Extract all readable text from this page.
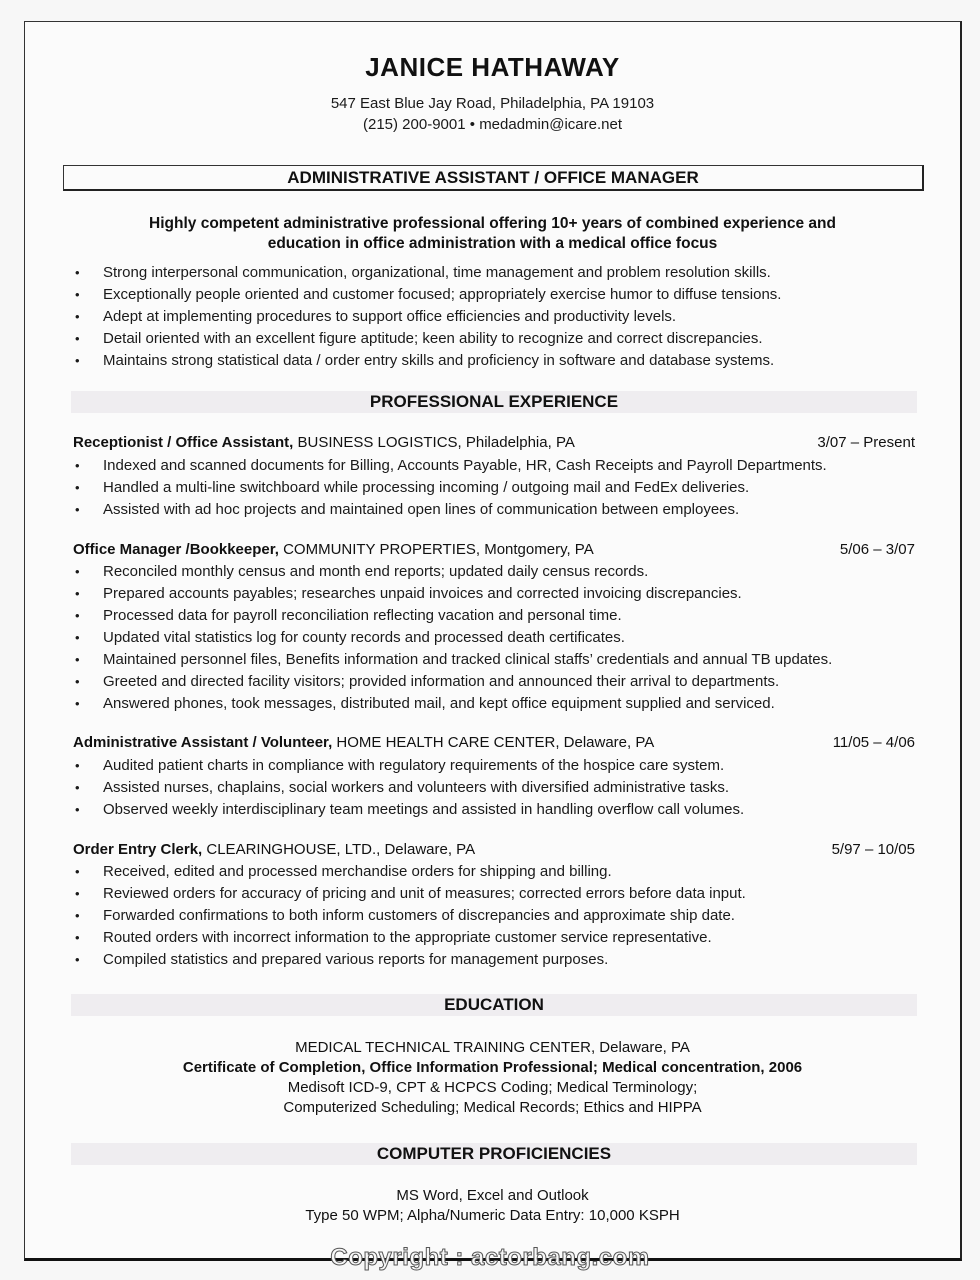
JANICE HATHAWAY
547 East Blue Jay Road, Philadelphia, PA 19103
(215) 200-9001 • medadmin@icare.net
ADMINISTRATIVE ASSISTANT / OFFICE MANAGER
Highly competent administrative professional offering 10+ years of combined experience and
education in office administration with a medical office focus
• Strong interpersonal communication, organizational, time management and problem resolution skills.
• Exceptionally people oriented and customer focused; appropriately exercise humor to diffuse tensions.
• Adept at implementing procedures to support office efficiencies and productivity levels.
• Detail oriented with an excellent figure aptitude; keen ability to recognize and correct discrepancies.
• Maintains strong statistical data / order entry skills and proficiency in software and database systems.
PROFESSIONAL EXPERIENCE
Receptionist / Office Assistant, BUSINESS LOGISTICS, Philadelphia, PA	3/07 – Present
• Indexed and scanned documents for Billing, Accounts Payable, HR, Cash Receipts and Payroll Departments.
• Handled a multi-line switchboard while processing incoming / outgoing mail and FedEx deliveries.
• Assisted with ad hoc projects and maintained open lines of communication between employees.
Office Manager /Bookkeeper, COMMUNITY PROPERTIES, Montgomery, PA	5/06 – 3/07
• Reconciled monthly census and month end reports; updated daily census records.
• Prepared accounts payables; researches unpaid invoices and corrected invoicing discrepancies.
• Processed data for payroll reconciliation reflecting vacation and personal time.
• Updated vital statistics log for county records and processed death certificates.
• Maintained personnel files, Benefits information and tracked clinical staffs’ credentials and annual TB updates.
• Greeted and directed facility visitors; provided information and announced their arrival to departments.
• Answered phones, took messages, distributed mail, and kept office equipment supplied and serviced.
Administrative Assistant / Volunteer, HOME HEALTH CARE CENTER, Delaware, PA	11/05 – 4/06
• Audited patient charts in compliance with regulatory requirements of the hospice care system.
• Assisted nurses, chaplains, social workers and volunteers with diversified administrative tasks.
• Observed weekly interdisciplinary team meetings and assisted in handling overflow call volumes.
Order Entry Clerk, CLEARINGHOUSE, LTD., Delaware, PA	5/97 – 10/05
• Received, edited and processed merchandise orders for shipping and billing.
• Reviewed orders for accuracy of pricing and unit of measures; corrected errors before data input.
• Forwarded confirmations to both inform customers of discrepancies and approximate ship date.
• Routed orders with incorrect information to the appropriate customer service representative.
• Compiled statistics and prepared various reports for management purposes.
EDUCATION
MEDICAL TECHNICAL TRAINING CENTER, Delaware, PA
Certificate of Completion, Office Information Professional; Medical concentration, 2006
Medisoft ICD-9, CPT & HCPCS Coding; Medical Terminology;
Computerized Scheduling; Medical Records; Ethics and HIPPA
COMPUTER PROFICIENCIES
MS Word, Excel and Outlook
Type 50 WPM; Alpha/Numeric Data Entry: 10,000 KSPH
Copyright : actorbang.com
